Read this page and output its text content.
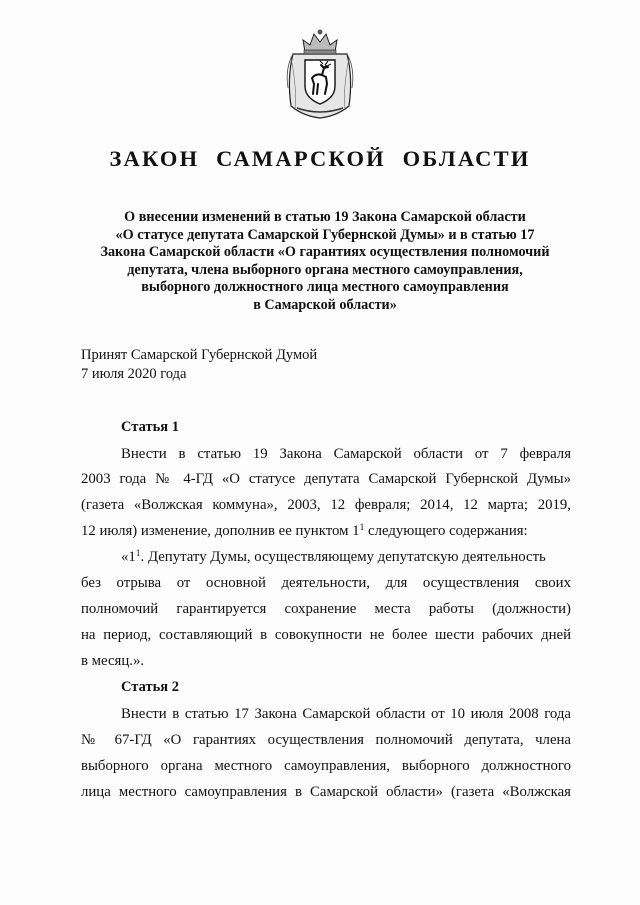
ЗАКОН САМАРСКОЙ ОБЛАСТИ
О внесении изменений в статью 19 Закона Самарской области
«О статусе депутата Самарской Губернской Думы» и в статью 17
Закона Самарской области «О гарантиях осуществления полномочий
депутата, члена выборного органа местного самоуправления,
выборного должностного лица местного самоуправления
в Самарской области»
Принят Самарской Губернской Думой
7 июля 2020 года
Статья 1
Внести в статью 19 Закона Самарской области от 7 февраля
2003 года № 4-ГД «О статусе депутата Самарской Губернской Думы»
(газета «Волжская коммуна», 2003, 12 февраля; 2014, 12 марта; 2019,
12 июля) изменение, дополнив ее пунктом $1^1$ следующего содержания:
«$1^1$. Депутату Думы, осуществляющему депутатскую деятельность
без отрыва от основной деятельности, для осуществления своих
полномочий гарантируется сохранение места работы (должности)
на период, составляющий в совокупности не более шести рабочих дней
в месяц.».
Статья 2
Внести в статью 17 Закона Самарской области от 10 июля 2008 года
№ 67-ГД «О гарантиях осуществления полномочий депутата, члена
выборного органа местного самоуправления, выборного должностного
лица местного самоуправления в Самарской области» (газета «Волжская
